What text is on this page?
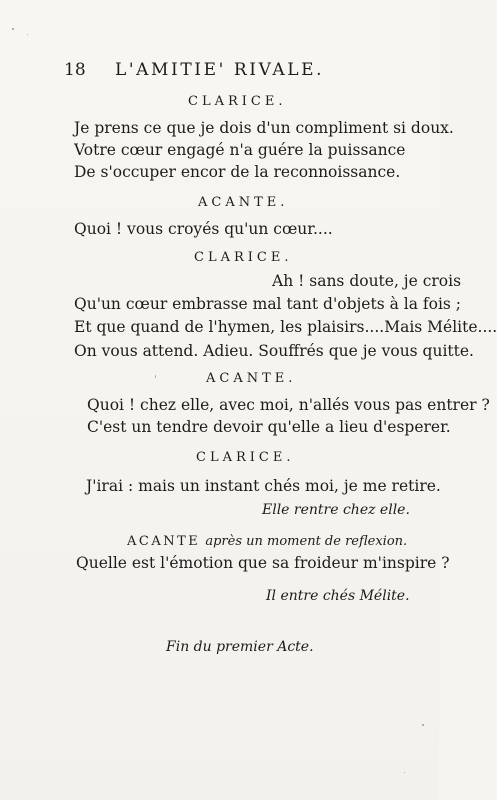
18 L'AMITIE' RIVALE.
CLARICE.
Je prens ce que je dois d'un compliment si doux.
Votre cœur engagé n'a guére la puissance
De s'occuper encor de la reconnoissance.
ACANTE.
Quoi ! vous croyés qu'un cœur....
CLARICE.
Ah ! sans doute, je crois
Qu'un cœur embrasse mal tant d'objets à la fois ;
Et que quand de l'hymen, les plaisirs....Mais Mélite....
On vous attend. Adieu. Souffrés que je vous quitte.
ACANTE.
Quoi ! chez elle, avec moi, n'allés vous pas entrer ?
C'est un tendre devoir qu'elle a lieu d'esperer.
CLARICE.
J'irai : mais un instant chés moi, je me retire.
Elle rentre chez elle.
ACANTE après un moment de reflexion.
Quelle est l'émotion que sa froideur m'inspire ?
Il entre chés Mélite.
Fin du premier Acte.
